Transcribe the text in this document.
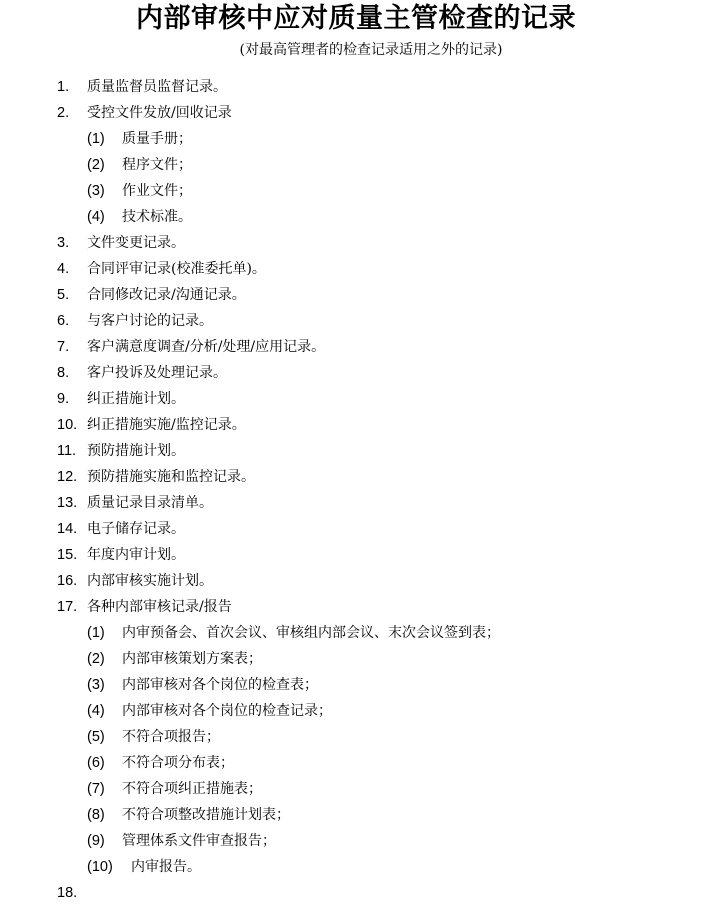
内部审核中应对质量主管检查的记录
(对最高管理者的检查记录适用之外的记录)
1. 质量监督员监督记录。
2. 受控文件发放/回收记录
(1) 质量手册；
(2) 程序文件；
(3) 作业文件；
(4) 技术标准。
3. 文件变更记录。
4. 合同评审记录(校准委托单)。
5. 合同修改记录/沟通记录。
6. 与客户讨论的记录。
7. 客户满意度调查/分析/处理/应用记录。
8. 客户投诉及处理记录。
9. 纠正措施计划。
10. 纠正措施实施/监控记录。
11. 预防措施计划。
12. 预防措施实施和监控记录。
13. 质量记录目录清单。
14. 电子储存记录。
15. 年度内审计划。
16. 内部审核实施计划。
17. 各种内部审核记录/报告
(1) 内审预备会、首次会议、审核组内部会议、末次会议签到表；
(2) 内部审核策划方案表；
(3) 内部审核对各个岗位的检查表；
(4) 内部审核对各个岗位的检查记录；
(5) 不符合项报告；
(6) 不符合项分布表；
(7) 不符合项纠正措施表；
(8) 不符合项整改措施计划表；
(9) 管理体系文件审查报告；
(10) 内审报告。
18.
